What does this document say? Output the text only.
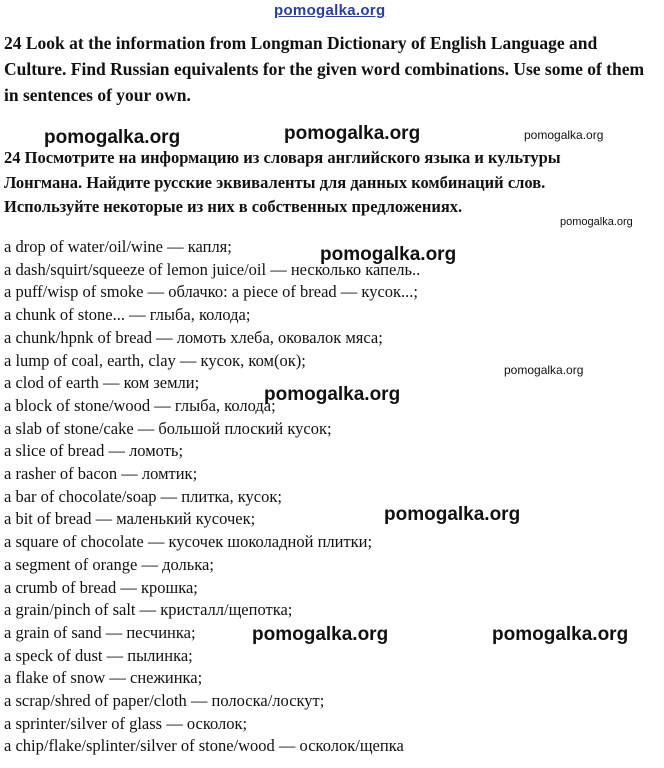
pomogalka.org
24 Look at the information from Longman Dictionary of English Language and Culture. Find Russian equivalents for the given word combinations. Use some of them in sentences of your own.
pomogalka.org	pomogalka.org	pomogalka.org
24 Посмотрите на информацию из словаря английского языка и культуры Лонгмана. Найдите русские эквиваленты для данных комбинаций слов. Используйте некоторые из них в собственных предложениях.
pomogalka.org
a drop of water/oil/wine — капля;
a dash/squirt/squeeze of lemon juice/oil — несколько капель..
a puff/wisp of smoke — облачко: a piece of bread — кусок...;
a chunk of stone... — глыба, колода;
a chunk/hpnk of bread — ломоть хлеба, оковалок мяса;
a lump of coal, earth, clay — кусок, ком(ок);
a clod of earth — ком земли;
a block of stone/wood — глыба, колода;
a slab of stone/cake — большой плоский кусок;
a slice of bread — ломоть;
a rasher of bacon — ломтик;
a bar of chocolate/soap — плитка, кусок;
a bit of bread — маленький кусочек;
a square of chocolate — кусочек шоколадной плитки;
a segment of orange — долька;
a crumb of bread — крошка;
a grain/pinch of salt — кристалл/щепотка;
a grain of sand — песчинка;
a speck of dust — пылинка;
a flake of snow — снежинка;
a scrap/shred of paper/cloth — полоска/лоскут;
a sprinter/silver of glass — осколок;
a chip/flake/splinter/silver of stone/wood — осколок/щепка
pomogalka.org
pomogalka.org
pomogalka.org
pomogalka.org
pomogalka.org	pomogalka.org
